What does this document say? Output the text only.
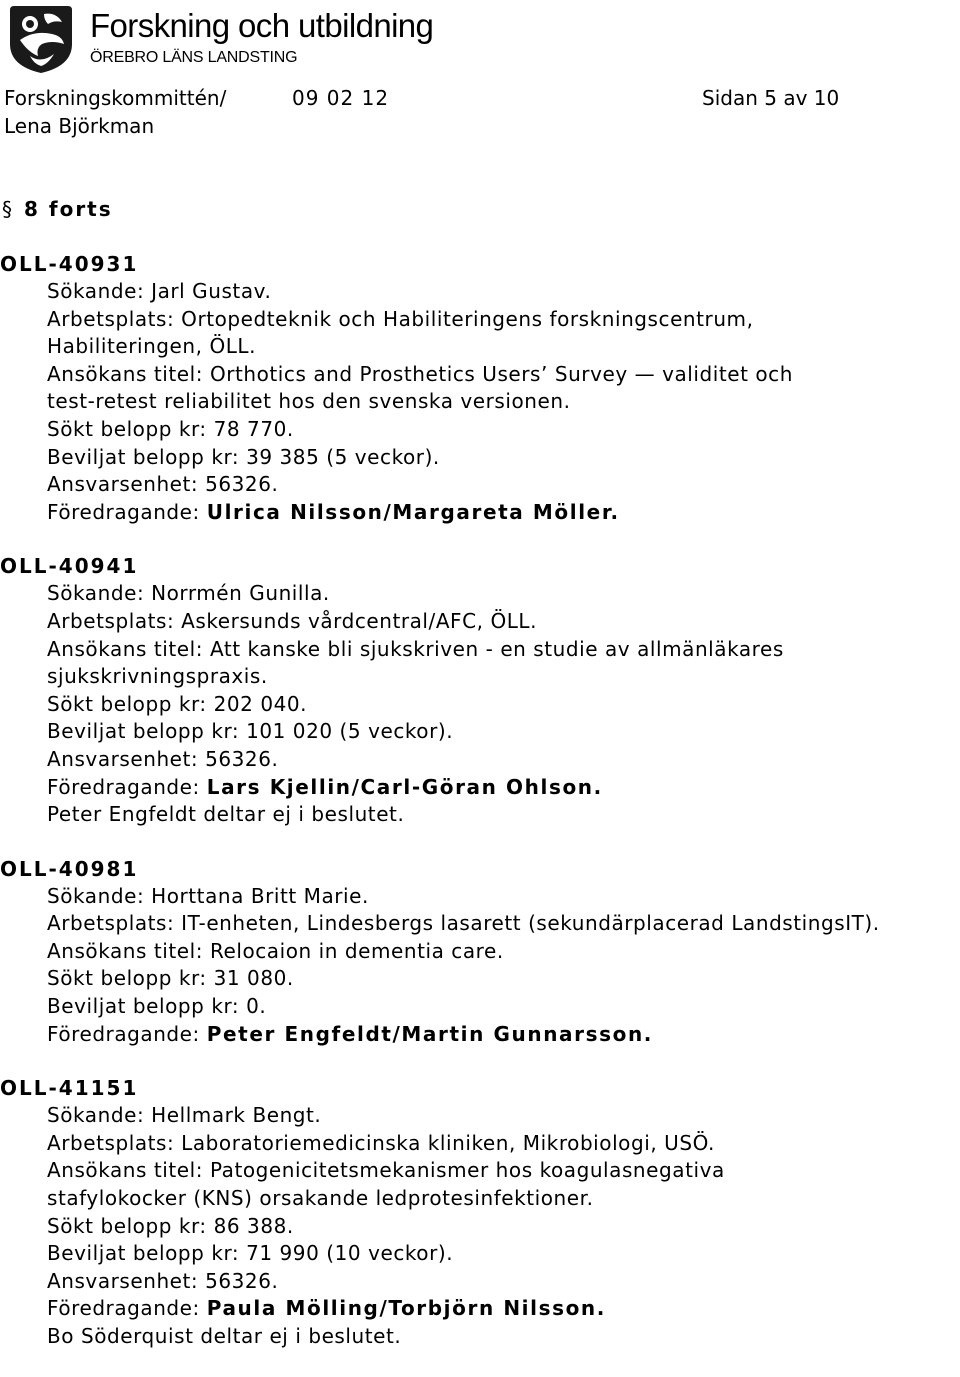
Forskning och utbildning
ÖREBRO LÄNS LANDSTING
Forskningskommittén/	09 02 12	Sidan 5 av 10
Lena Björkman
§ 8 forts
OLL-40931
Sökande: Jarl Gustav.
Arbetsplats: Ortopedteknik och Habiliteringens forskningscentrum,
Habiliteringen, ÖLL.
Ansökans titel: Orthotics and Prosthetics Users’ Survey — validitet och
test-retest reliabilitet hos den svenska versionen.
Sökt belopp kr: 78 770.
Beviljat belopp kr: 39 385 (5 veckor).
Ansvarsenhet: 56326.
Föredragande: Ulrica Nilsson/Margareta Möller.
OLL-40941
Sökande: Norrmén Gunilla.
Arbetsplats: Askersunds vårdcentral/AFC, ÖLL.
Ansökans titel: Att kanske bli sjukskriven - en studie av allmänläkares
sjukskrivningspraxis.
Sökt belopp kr: 202 040.
Beviljat belopp kr: 101 020 (5 veckor).
Ansvarsenhet: 56326.
Föredragande: Lars Kjellin/Carl-Göran Ohlson.
Peter Engfeldt deltar ej i beslutet.
OLL-40981
Sökande: Horttana Britt Marie.
Arbetsplats: IT-enheten, Lindesbergs lasarett (sekundärplacerad LandstingsIT).
Ansökans titel: Relocaion in dementia care.
Sökt belopp kr: 31 080.
Beviljat belopp kr: 0.
Föredragande: Peter Engfeldt/Martin Gunnarsson.
OLL-41151
Sökande: Hellmark Bengt.
Arbetsplats: Laboratoriemedicinska kliniken, Mikrobiologi, USÖ.
Ansökans titel: Patogenicitetsmekanismer hos koagulasnegativa
stafylokocker (KNS) orsakande ledprotesinfektioner.
Sökt belopp kr: 86 388.
Beviljat belopp kr: 71 990 (10 veckor).
Ansvarsenhet: 56326.
Föredragande: Paula Mölling/Torbjörn Nilsson.
Bo Söderquist deltar ej i beslutet.
